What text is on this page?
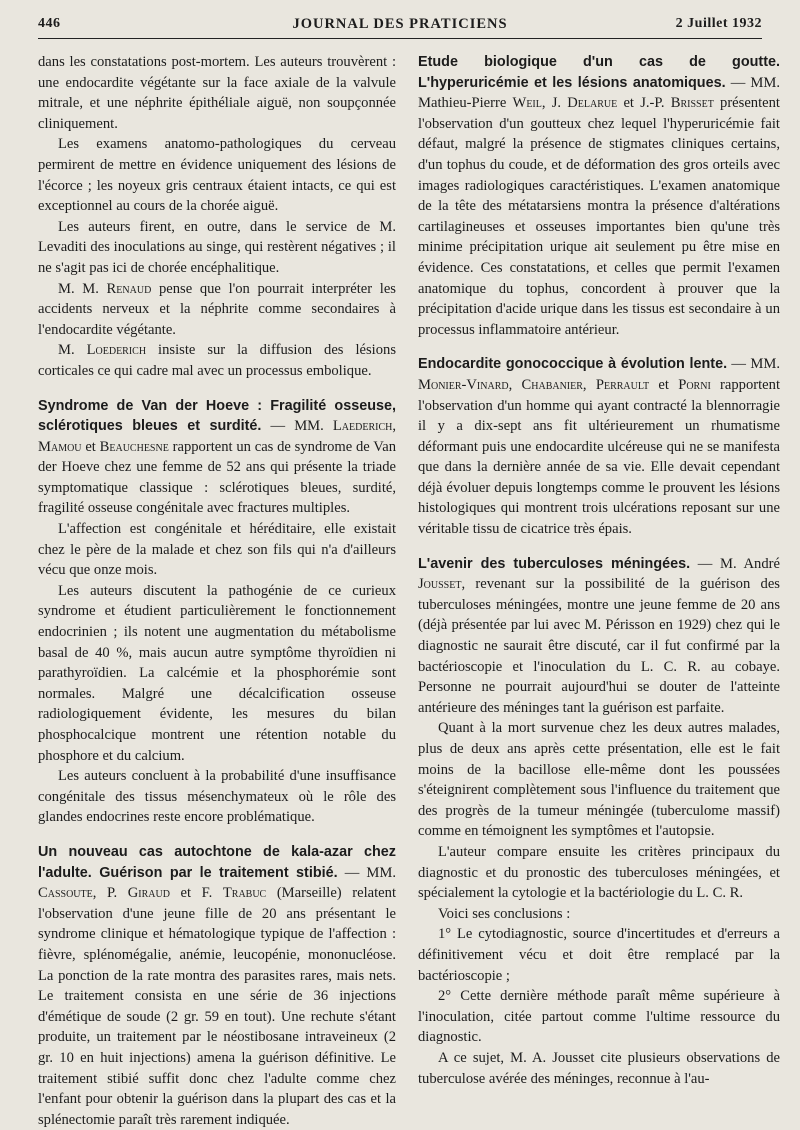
446	JOURNAL DES PRATICIENS	2 Juillet 1932

dans les constatations post-mortem. Les auteurs trouvèrent : une endocardite végétante sur la face axiale de la valvule mitrale, et une néphrite épithéliale aiguë, non soupçonnée cliniquement.

Les examens anatomo-pathologiques du cerveau permirent de mettre en évidence uniquement des lésions de l'écorce ; les noyeux gris centraux étaient intacts, ce qui est exceptionnel au cours de la chorée aiguë.

Les auteurs firent, en outre, dans le service de M. Levaditi des inoculations au singe, qui restèrent négatives ; il ne s'agit pas ici de chorée encéphalitique.

M. M. Renaud pense que l'on pourrait interpréter les accidents nerveux et la néphrite comme secondaires à l'endocardite végétante.

M. Loederich insiste sur la diffusion des lésions corticales ce qui cadre mal avec un processus embolique.

Syndrome de Van der Hoeve : Fragilité osseuse, sclérotiques bleues et surdité. — MM. Laederich, Mamou et Beauchesne rapportent un cas de syndrome de Van der Hoeve chez une femme de 52 ans qui présente la triade symptomatique classique : sclérotiques bleues, surdité, fragilité osseuse congénitale avec fractures multiples.

L'affection est congénitale et héréditaire, elle existait chez le père de la malade et chez son fils qui n'a d'ailleurs vécu que onze mois.

Les auteurs discutent la pathogénie de ce curieux syndrome et étudient particulièrement le fonctionnement endocrinien ; ils notent une augmentation du métabolisme basal de 40 %, mais aucun autre symptôme thyroïdien ni parathyroïdien. La calcémie et la phosphorémie sont normales. Malgré une décalcification osseuse radiologiquement évidente, les mesures du bilan phosphocalcique montrent une rétention notable du phosphore et du calcium.

Les auteurs concluent à la probabilité d'une insuffisance congénitale des tissus mésenchymateux où le rôle des glandes endocrines reste encore problématique.

Un nouveau cas autochtone de kala-azar chez l'adulte. Guérison par le traitement stibié. — MM. Cassoute, P. Giraud et F. Trabuc (Marseille) relatent l'observation d'une jeune fille de 20 ans présentant le syndrome clinique et hématologique typique de l'affection : fièvre, splénomégalie, anémie, leucopénie, mononucléose. La ponction de la rate montra des parasites rares, mais nets. Le traitement consista en une série de 36 injections d'émétique de soude (2 gr. 59 en tout). Une rechute s'étant produite, un traitement par le néostibosane intraveineux (2 gr. 10 en huit injections) amena la guérison définitive. Le traitement stibié suffit donc chez l'adulte comme chez l'enfant pour obtenir la guérison dans la plupart des cas et la splénectomie paraît très rarement indiquée.

Etude biologique d'un cas de goutte. L'hyperuricémie et les lésions anatomiques. — MM. Mathieu-Pierre Weil, J. Delarue et J.-P. Brisset présentent l'observation d'un goutteux chez lequel l'hyperuricémie fait défaut, malgré la présence de stigmates cliniques certains, d'un tophus du coude, et de déformation des gros orteils avec images radiologiques caractéristiques. L'examen anatomique de la tête des métatarsiens montra la présence d'altérations cartilagineuses et osseuses importantes bien qu'une très minime précipitation urique ait seulement pu être mise en évidence. Ces constatations, et celles que permit l'examen anatomique du tophus, concordent à prouver que la précipitation d'acide urique dans les tissus est secondaire à un processus inflammatoire antérieur.

Endocardite gonococcique à évolution lente. — MM. Monier-Vinard, Chabanier, Perrault et Porni rapportent l'observation d'un homme qui ayant contracté la blennorragie il y a dix-sept ans fit ultérieurement un rhumatisme déformant puis une endocardite ulcéreuse qui ne se manifesta que dans la dernière année de sa vie. Elle devait cependant déjà évoluer depuis longtemps comme le prouvent les lésions histologiques qui montrent trois ulcérations reposant sur une véritable tissu de cicatrice très épais.

L'avenir des tuberculoses méningées. — M. André Jousset, revenant sur la possibilité de la guérison des tuberculoses méningées, montre une jeune femme de 20 ans (déjà présentée par lui avec M. Périsson en 1929) chez qui le diagnostic ne saurait être discuté, car il fut confirmé par la bactérioscopie et l'inoculation du L. C. R. au cobaye. Personne ne pourrait aujourd'hui se douter de l'atteinte antérieure des méninges tant la guérison est parfaite.

Quant à la mort survenue chez les deux autres malades, plus de deux ans après cette présentation, elle est le fait moins de la bacillose elle-même dont les poussées s'éteignirent complètement sous l'influence du traitement que des progrès de la tumeur méningée (tuberculome massif) comme en témoignent les symptômes et l'autopsie.

L'auteur compare ensuite les critères principaux du diagnostic et du pronostic des tuberculoses méningées, et spécialement la cytologie et la bactériologie du L. C. R.

Voici ses conclusions :

1° Le cytodiagnostic, source d'incertitudes et d'erreurs a définitivement vécu et doit être remplacé par la bactérioscopie ;

2° Cette dernière méthode paraît même supérieure à l'inoculation, citée partout comme l'ultime ressource du diagnostic.

A ce sujet, M. A. Jousset cite plusieurs observations de tuberculose avérée des méninges, reconnue à l'au-
